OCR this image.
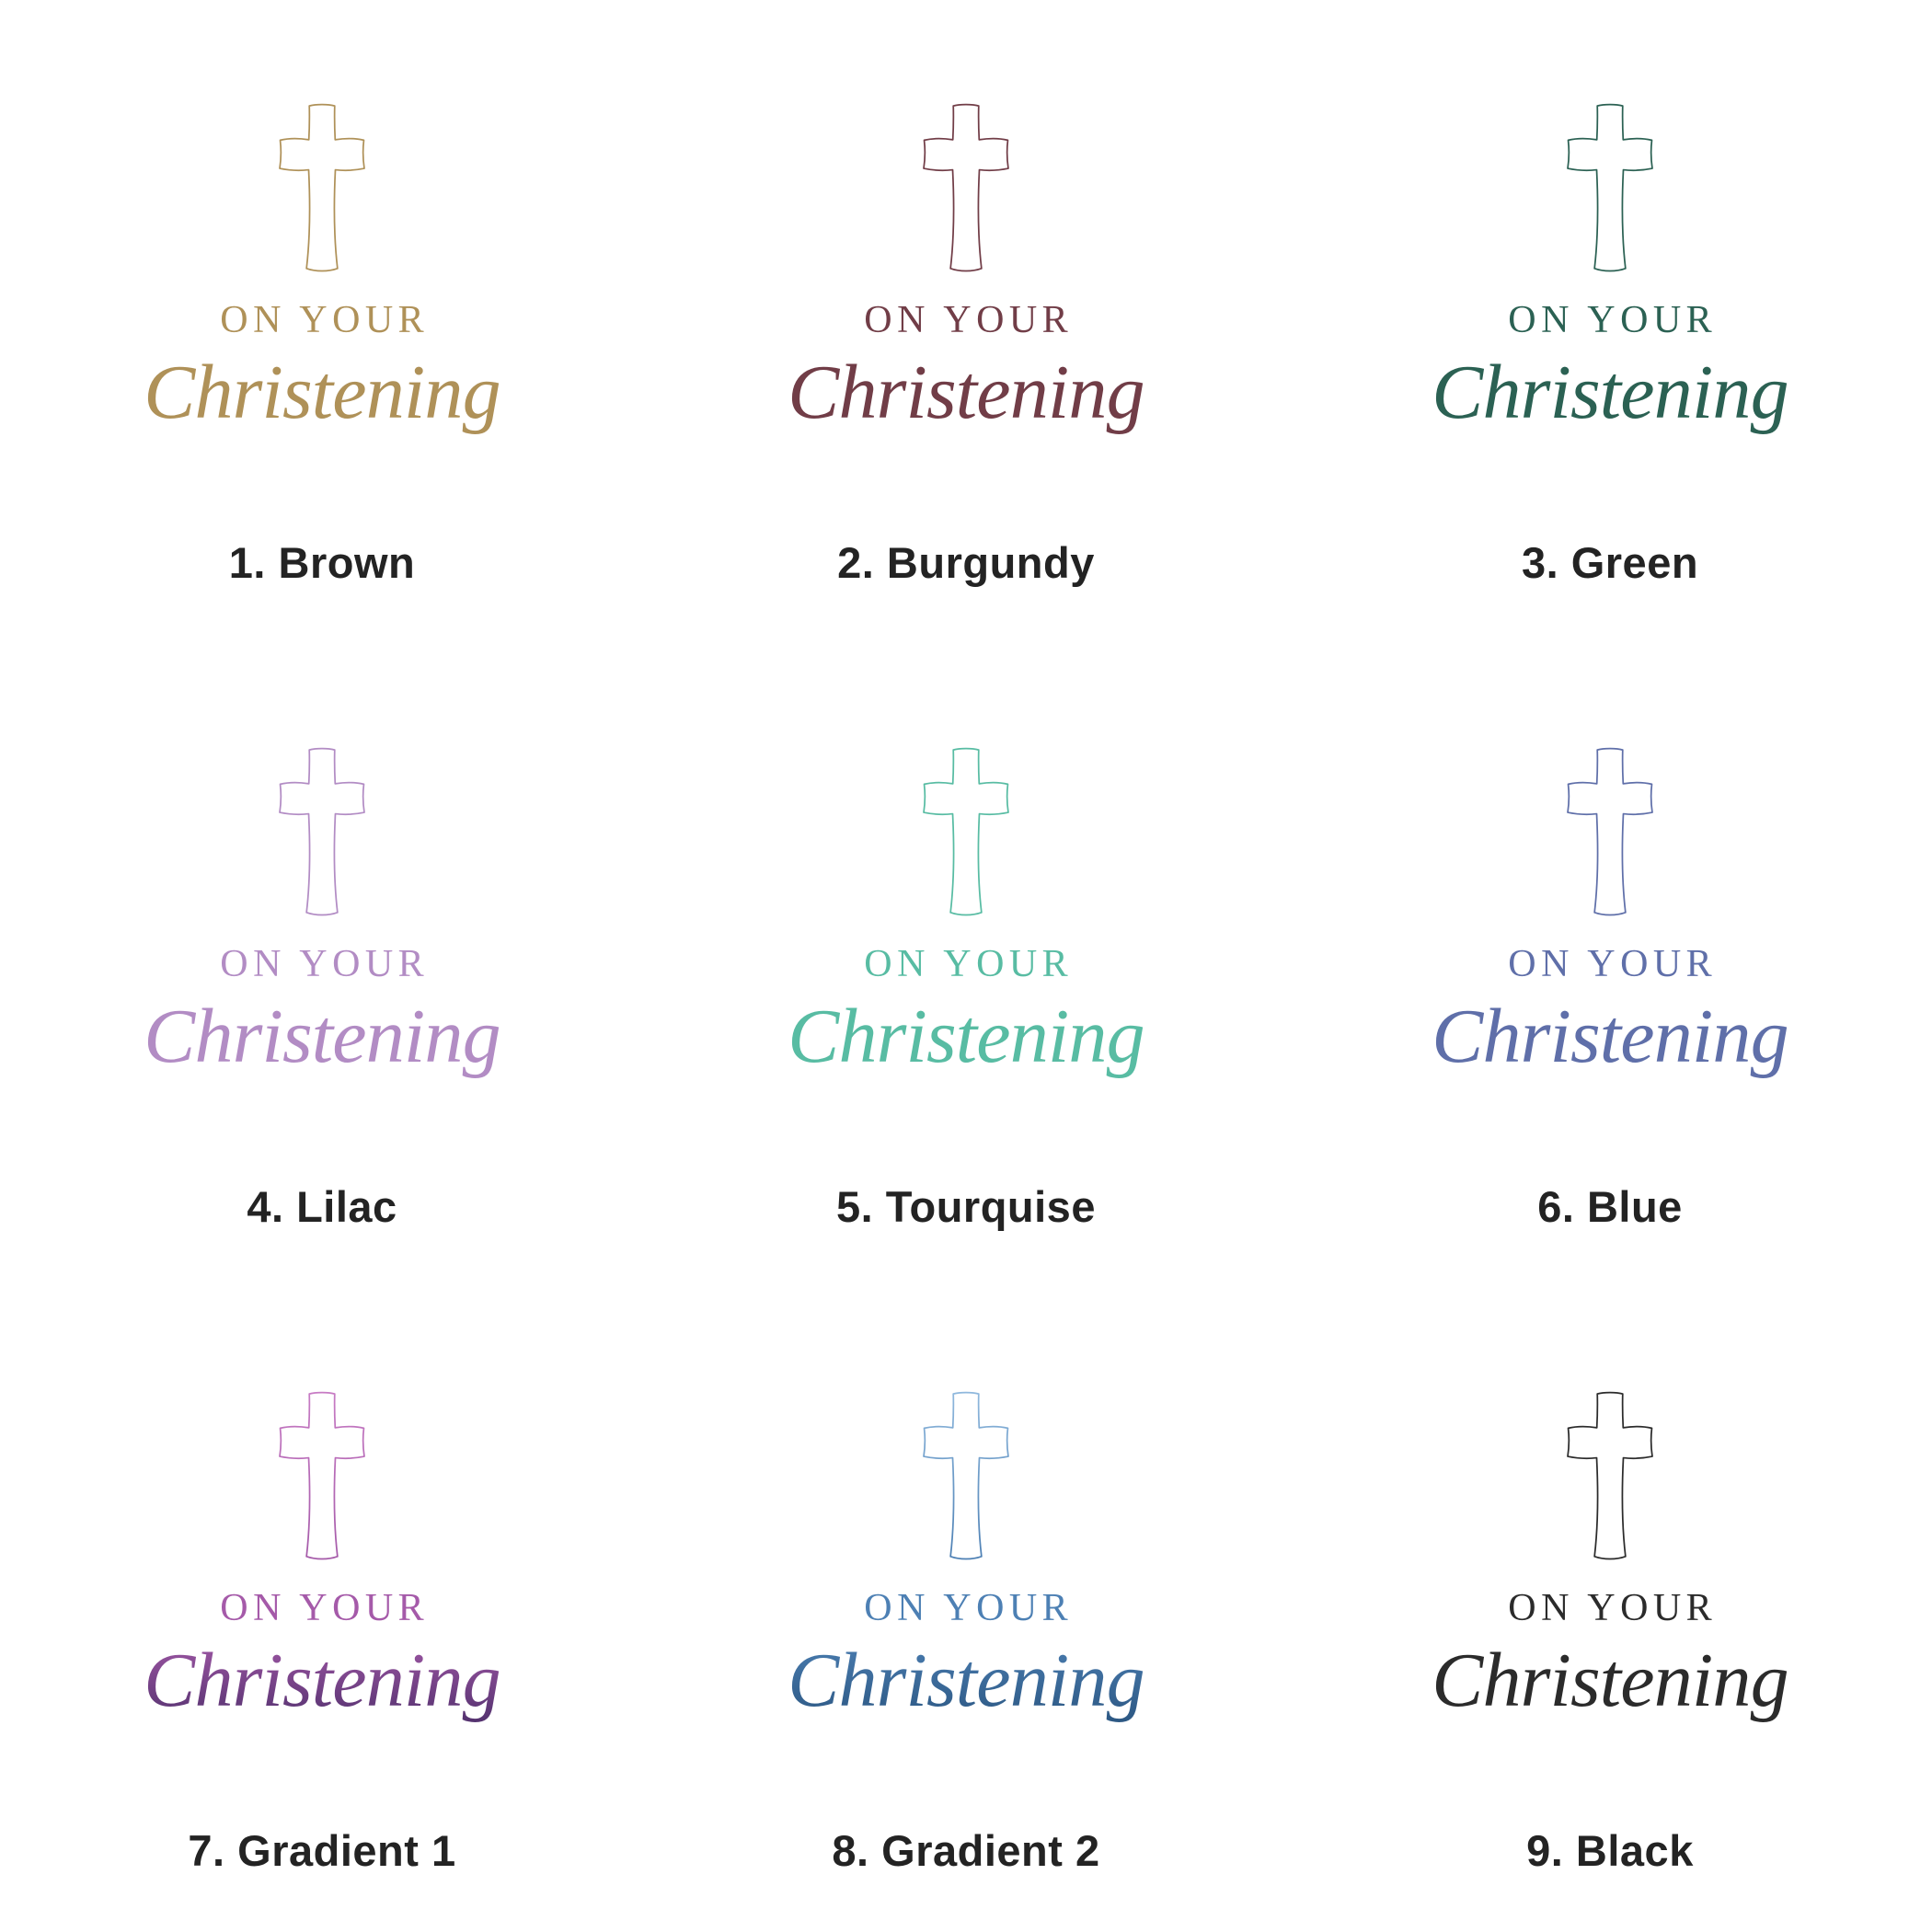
ON YOUR
Christening
1. Brown
ON YOUR
Christening
2. Burgundy
ON YOUR
Christening
3. Green
ON YOUR
Christening
4. Lilac
ON YOUR
Christening
5. Tourquise
ON YOUR
Christening
6. Blue
ON YOUR
Christening
7. Gradient 1
ON YOUR
Christening
8. Gradient 2
ON YOUR
Christening
9. Black
